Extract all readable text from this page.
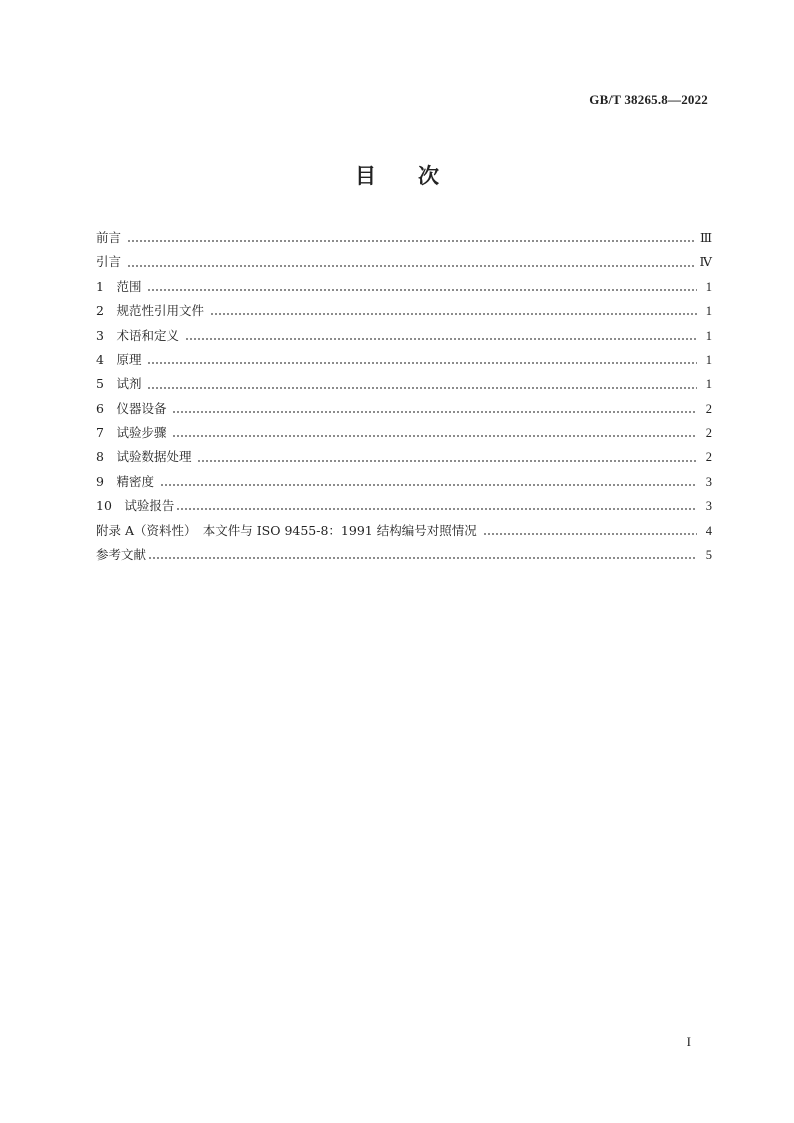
GB/T 38265.8—2022
目　　次
前言	Ⅲ
引言	Ⅳ
1　范围	1
2　规范性引用文件	1
3　术语和定义	1
4　原理	1
5　试剂	1
6　仪器设备	2
7　试验步骤	2
8　试验数据处理	2
9　精密度	3
10　试验报告	3
附录 A（资料性）　本文件与 ISO 9455-8：1991 结构编号对照情况	4
参考文献	5
I
